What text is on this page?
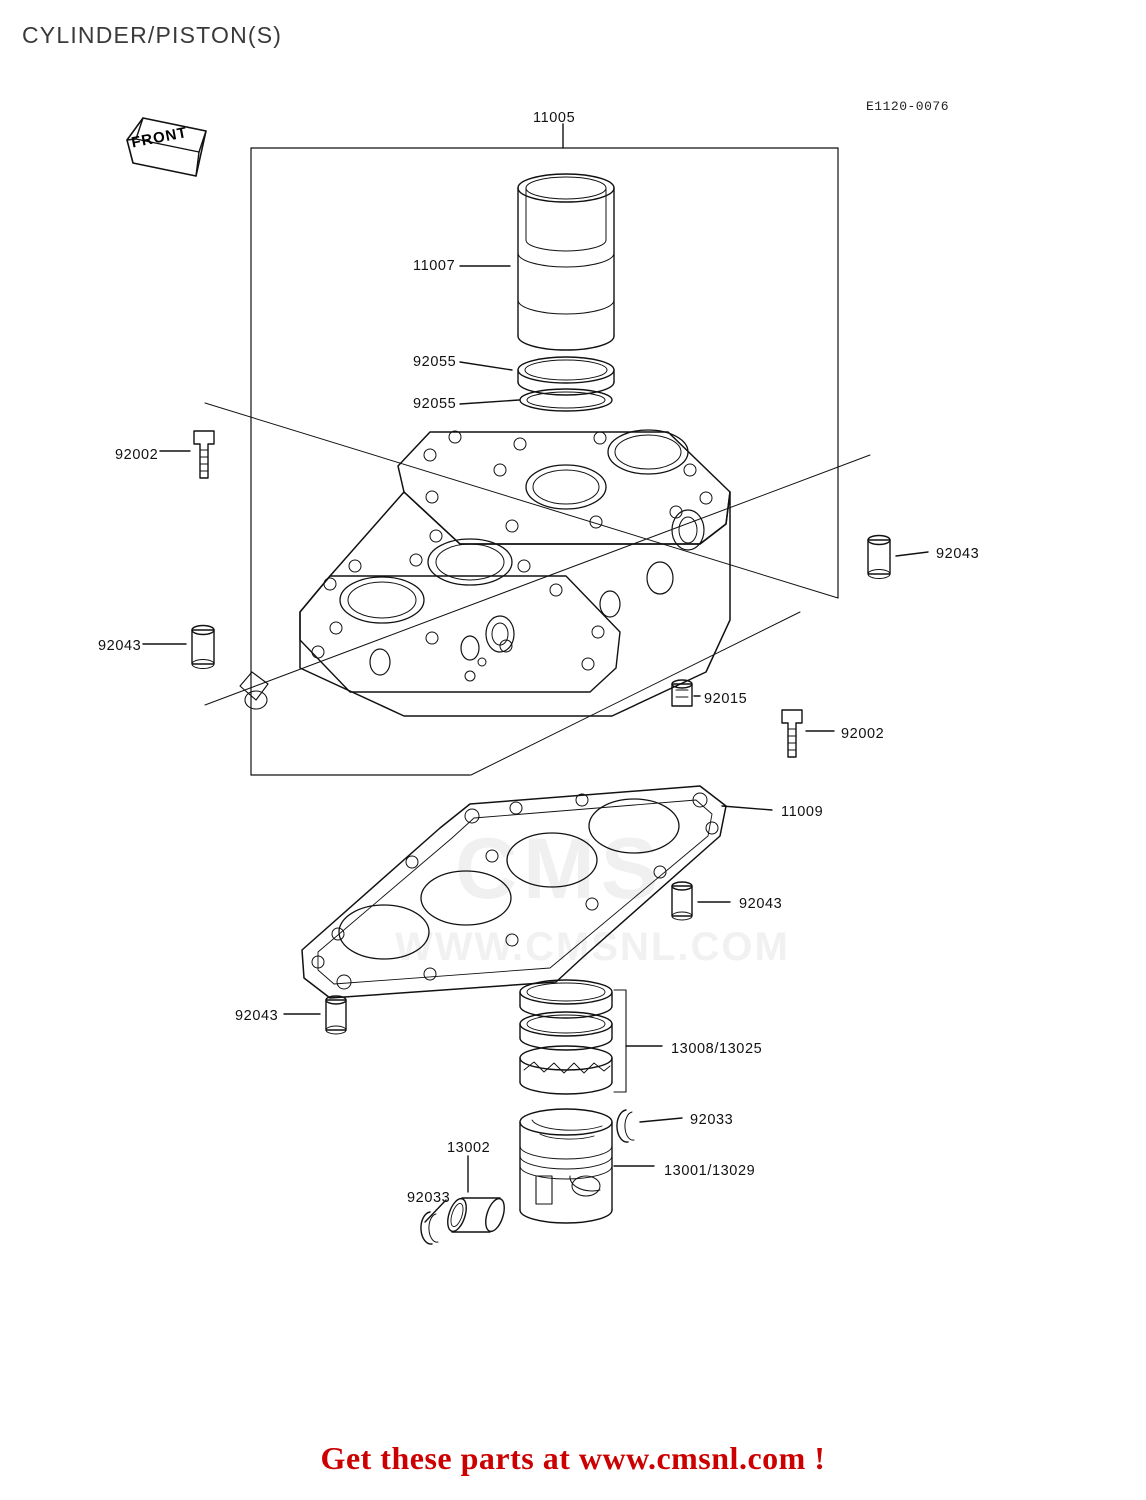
CYLINDER/PISTON(S)
E1120-0076
CMS
WWW.CMSNL.COM
FRONT
11005
11007
92055
92055
92002
92043
92043
92015
92002
11009
92043
92043
13008/13025
92033
13002
13001/13029
92033
Get these parts at www.cmsnl.com !
